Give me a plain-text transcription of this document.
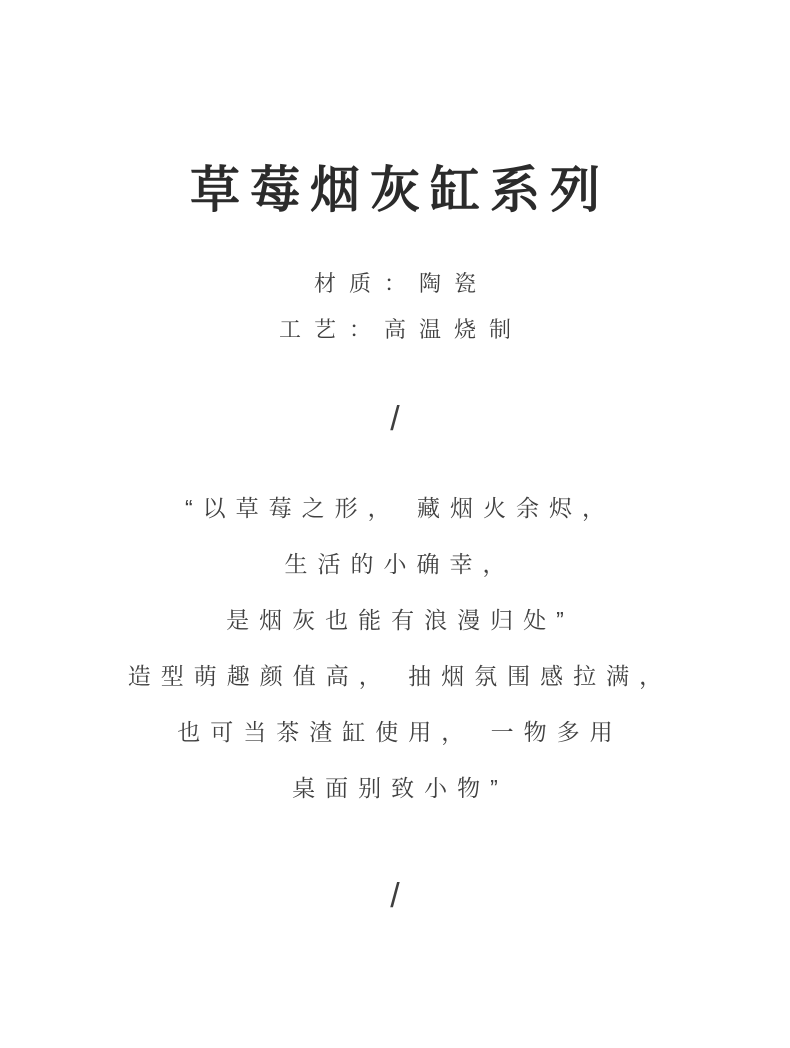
草莓烟灰缸系列
材质：陶瓷
工艺：高温烧制
/
“以草莓之形， 藏烟火余烬，
生活的小确幸，
是烟灰也能有浪漫归处”
造型萌趣颜值高， 抽烟氛围感拉满，
也可当茶渣缸使用， 一物多用
桌面别致小物”
/
